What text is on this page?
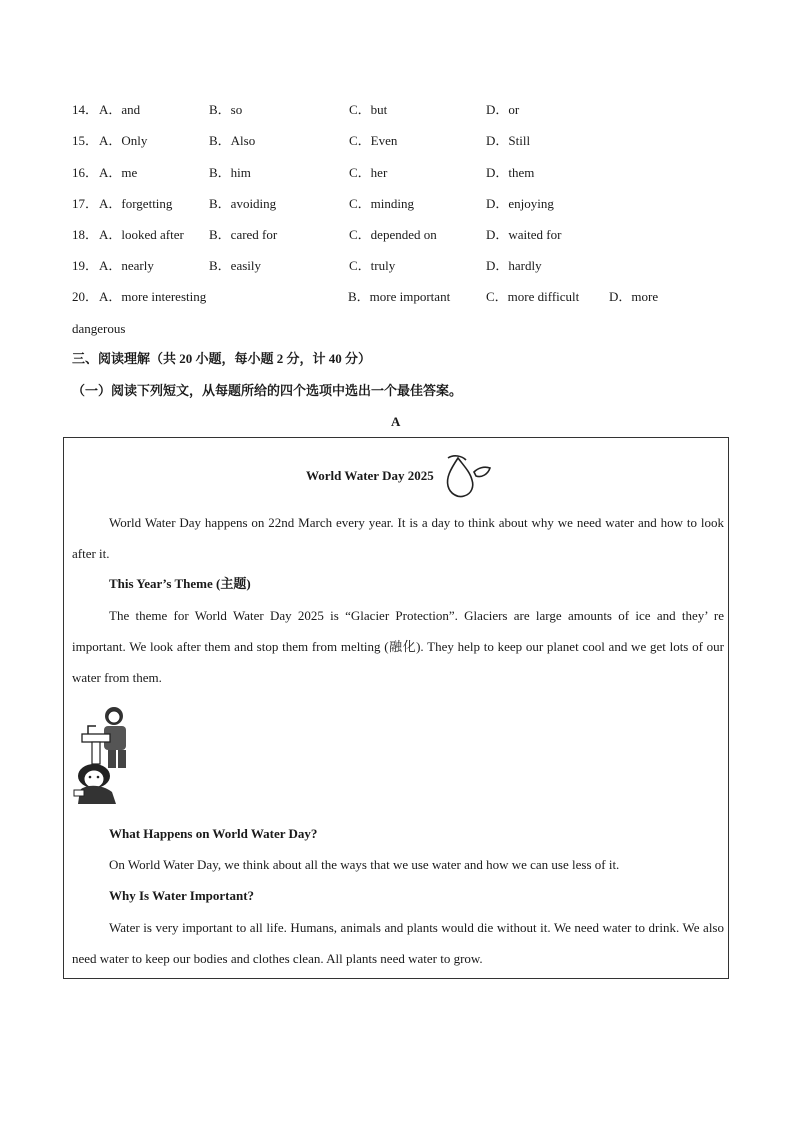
14． A．and	B．so	C．but	D．or
15． A．Only	B．Also	C．Even	D．Still
16． A．me	B．him	C．her	D．them
17． A．forgetting	B．avoiding	C．minding	D．enjoying
18． A．looked after B．cared for	C．depended on	D．waited for
19． A．nearly	B．easily	C．truly	D．hardly
20． A．more interesting	B．more important	C．more difficult D．more
dangerous
三、阅读理解（共 20 小题，每小题 2 分，计 40 分）
（一）阅读下列短文，从每题所给的四个选项中选出一个最佳答案。
A
World Water Day 2025
World Water Day happens on 22nd March every year. It is a day to think about why we need water and how to look after it.
This Year’s Theme (主题)
The theme for World Water Day 2025 is “Glacier Protection”. Glaciers are large amounts of ice and they’ re important. We look after them and stop them from melting (融化). They help to keep our planet cool and we get lots of our water from them.
What Happens on World Water Day?
On World Water Day, we think about all the ways that we use water and how we can use less of it.
Why Is Water Important?
Water is very important to all life. Humans, animals and plants would die without it. We need water to drink. We also need water to keep our bodies and clothes clean. All plants need water to grow.
